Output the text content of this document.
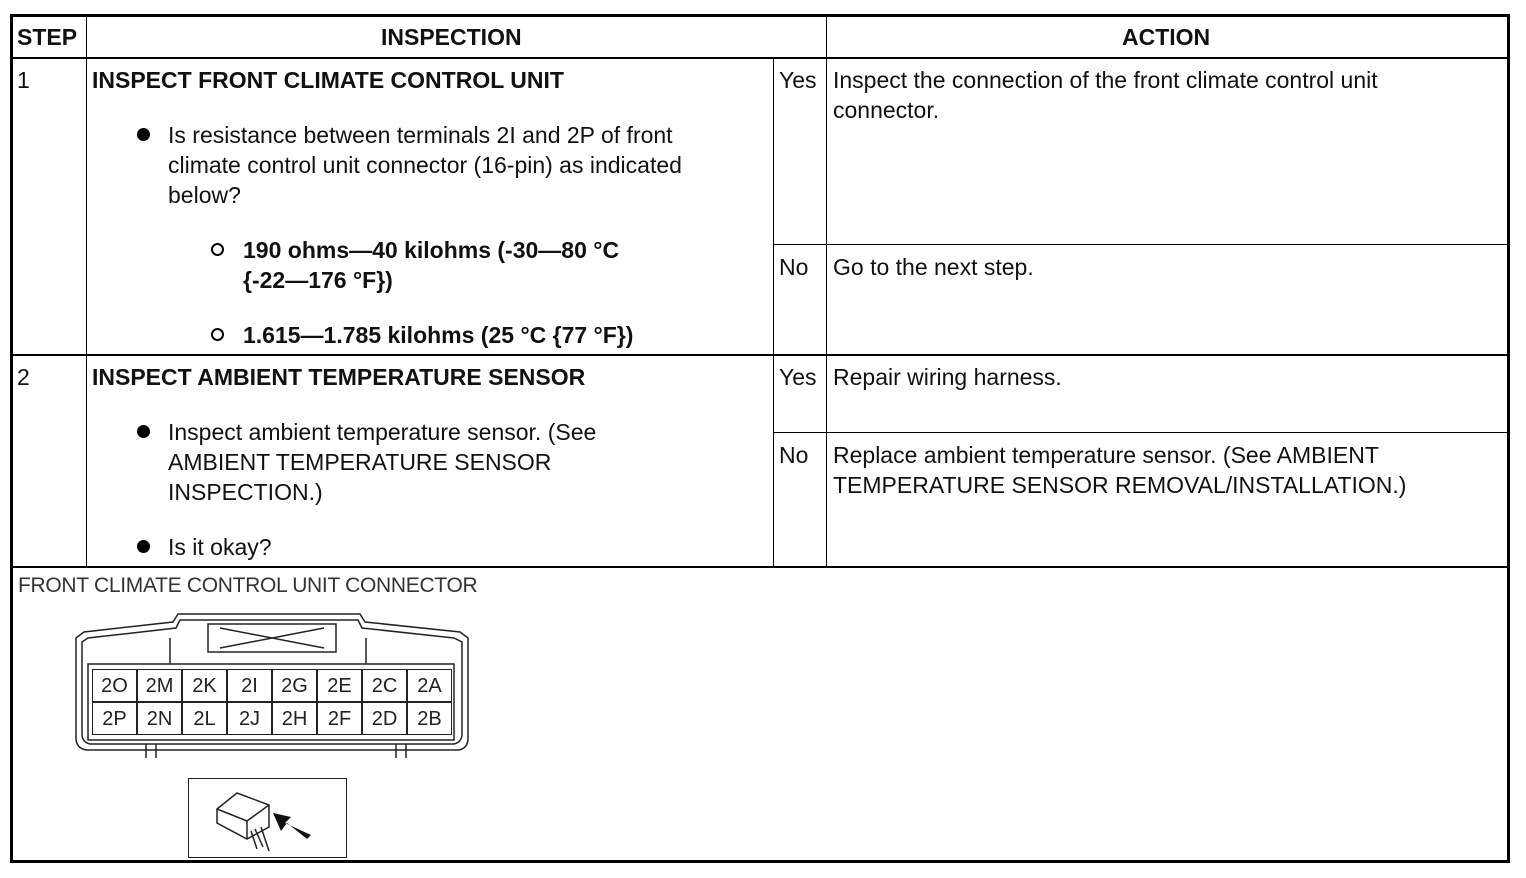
STEP	INSPECTION	ACTION
1	INSPECT FRONT CLIMATE CONTROL UNIT
Is resistance between terminals 2I and 2P of front
climate control unit connector (16-pin) as indicated
below?
190 ohms—40 kilohms (-30—80 °C
{-22—176 °F})
1.615—1.785 kilohms (25 °C {77 °F})
Yes Inspect the connection of the front climate control unit
connector.
No Go to the next step.
2	INSPECT AMBIENT TEMPERATURE SENSOR
Inspect ambient temperature sensor. (See
AMBIENT TEMPERATURE SENSOR
INSPECTION.)
Is it okay?
Yes Repair wiring harness.
No Replace ambient temperature sensor. (See AMBIENT
TEMPERATURE SENSOR REMOVAL/INSTALLATION.)
FRONT CLIMATE CONTROL UNIT CONNECTOR
2O 2M 2K	2I	2G 2E 2C 2A
2P 2N	2L	2J	2H	2F	2D 2B
